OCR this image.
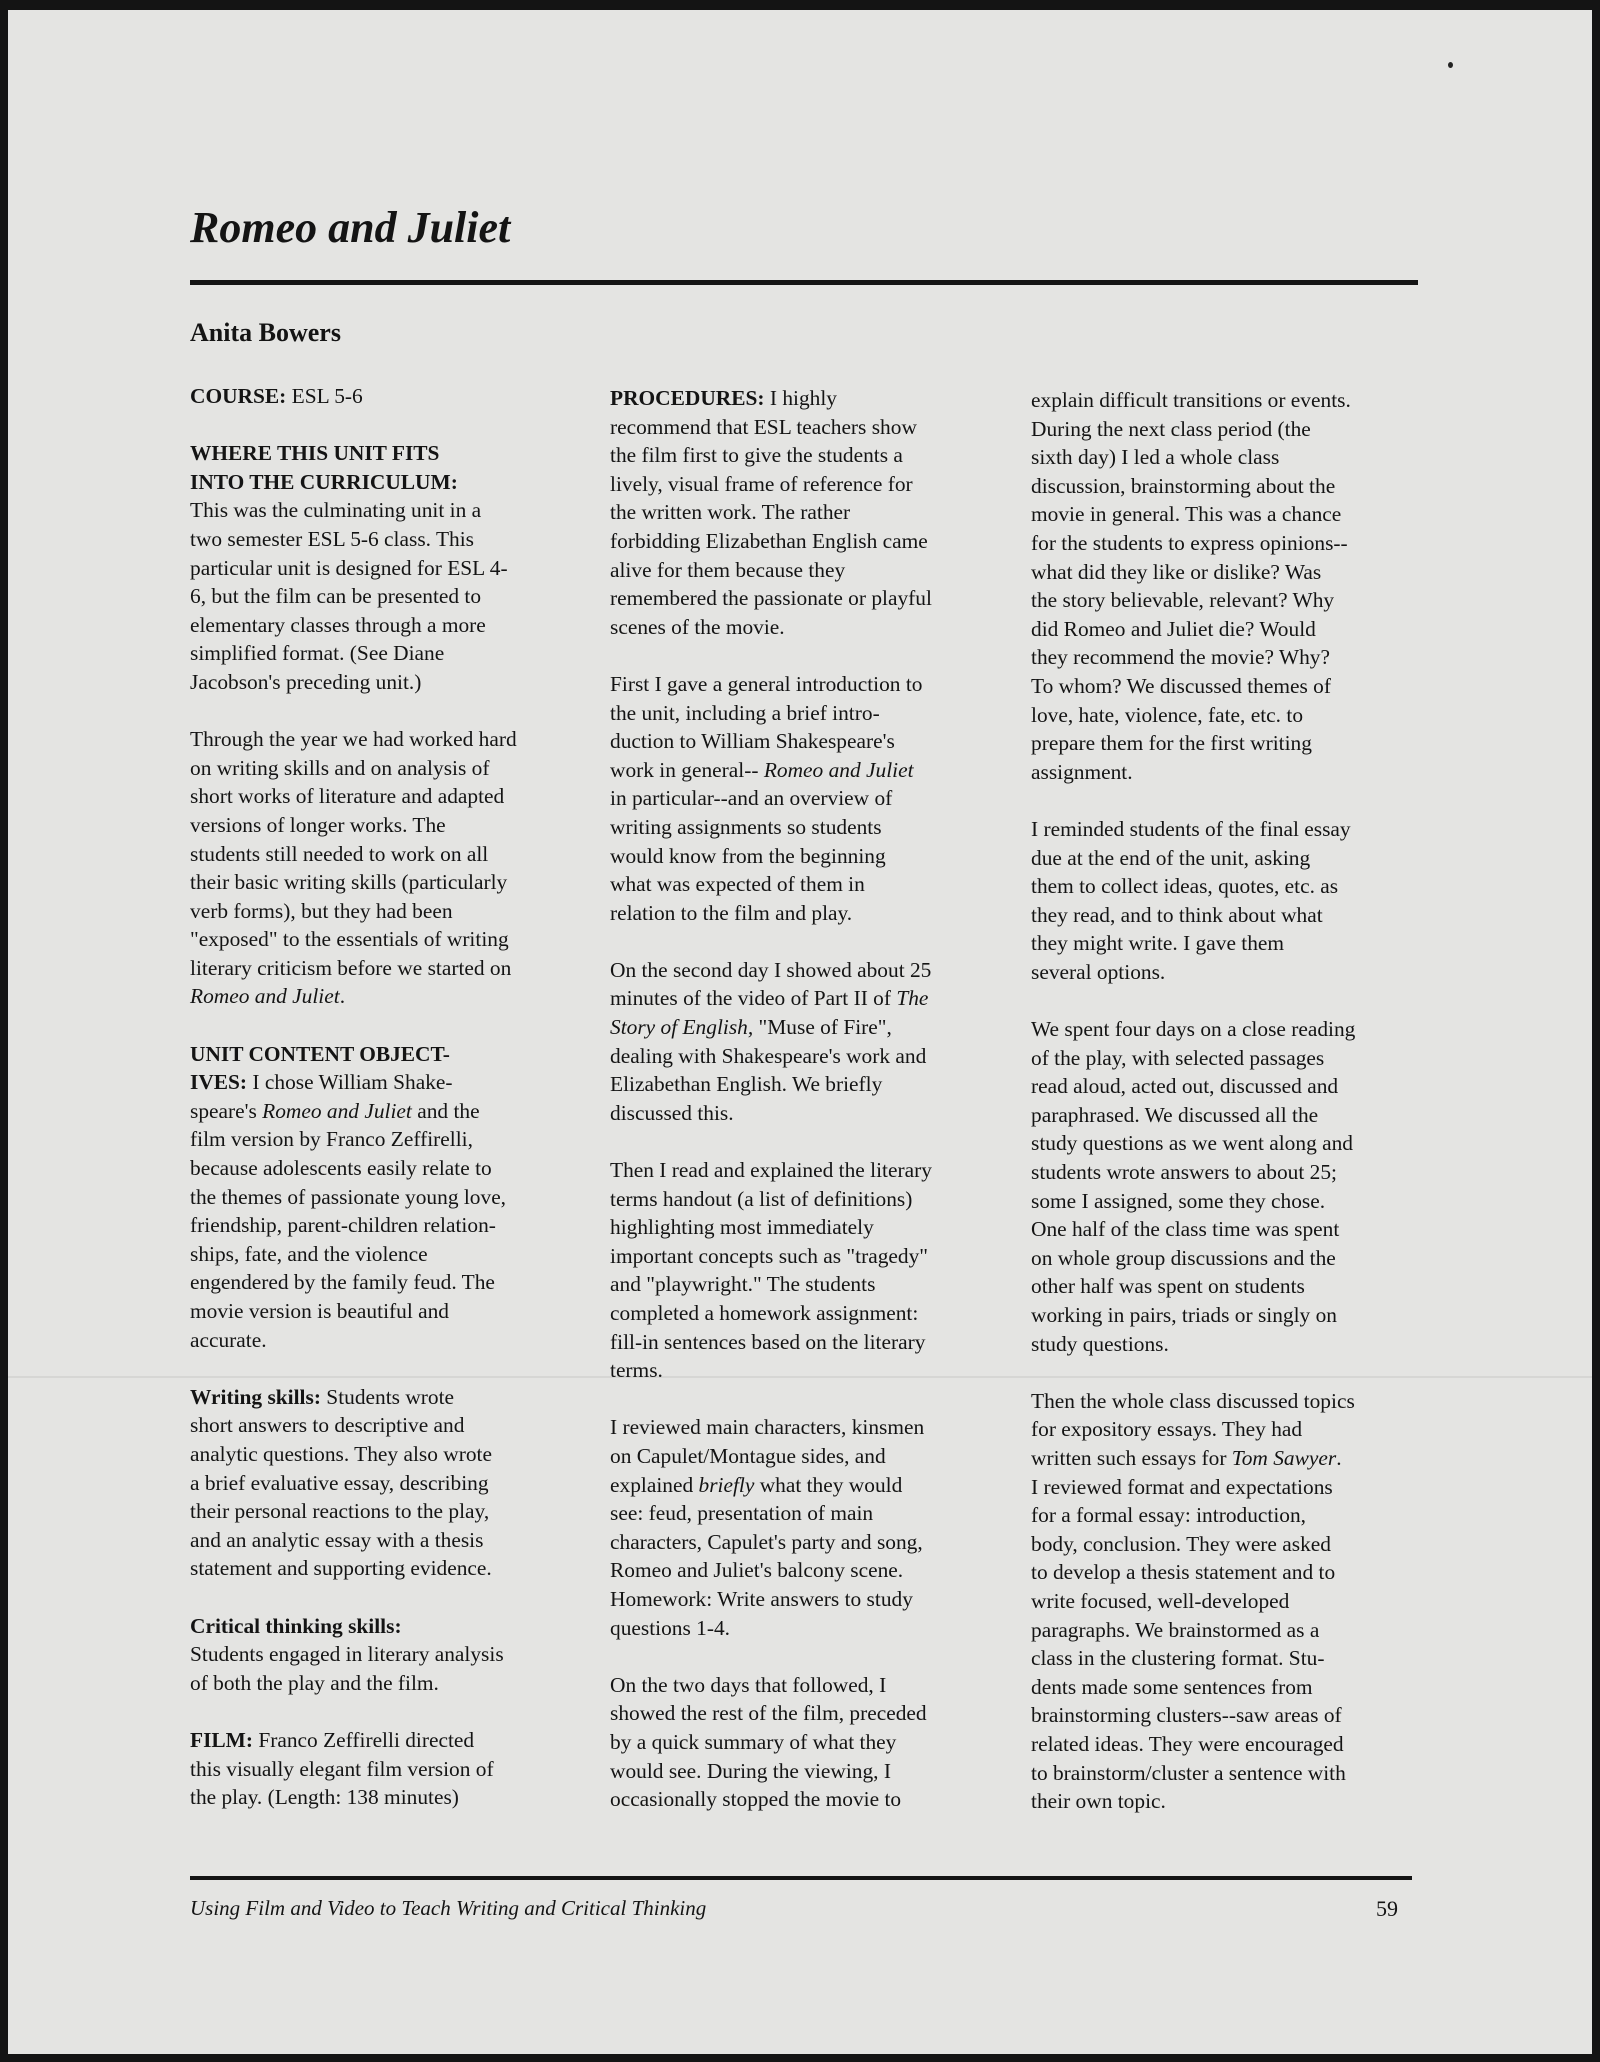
Romeo and Juliet
Anita Bowers

COURSE: ESL 5-6

WHERE THIS UNIT FITS
INTO THE CURRICULUM:
This was the culminating unit in a
two semester ESL 5-6 class. This
particular unit is designed for ESL 4-
6, but the film can be presented to
elementary classes through a more
simplified format. (See Diane
Jacobson's preceding unit.)

Through the year we had worked hard
on writing skills and on analysis of
short works of literature and adapted
versions of longer works. The
students still needed to work on all
their basic writing skills (particularly
verb forms), but they had been
"exposed" to the essentials of writing
literary criticism before we started on
Romeo and Juliet.

UNIT CONTENT OBJECT-
IVES: I chose William Shake-
speare's Romeo and Juliet and the
film version by Franco Zeffirelli,
because adolescents easily relate to
the themes of passionate young love,
friendship, parent-children relation-
ships, fate, and the violence
engendered by the family feud. The
movie version is beautiful and
accurate.

Writing skills: Students wrote
short answers to descriptive and
analytic questions. They also wrote
a brief evaluative essay, describing
their personal reactions to the play,
and an analytic essay with a thesis
statement and supporting evidence.

Critical thinking skills:
Students engaged in literary analysis
of both the play and the film.

FILM: Franco Zeffirelli directed
this visually elegant film version of
the play. (Length: 138 minutes)

PROCEDURES: I highly
recommend that ESL teachers show
the film first to give the students a
lively, visual frame of reference for
the written work. The rather
forbidding Elizabethan English came
alive for them because they
remembered the passionate or playful
scenes of the movie.

First I gave a general introduction to
the unit, including a brief intro-
duction to William Shakespeare's
work in general-- Romeo and Juliet
in particular--and an overview of
writing assignments so students
would know from the beginning
what was expected of them in
relation to the film and play.

On the second day I showed about 25
minutes of the video of Part II of The
Story of English, "Muse of Fire",
dealing with Shakespeare's work and
Elizabethan English. We briefly
discussed this.

Then I read and explained the literary
terms handout (a list of definitions)
highlighting most immediately
important concepts such as "tragedy"
and "playwright." The students
completed a homework assignment:
fill-in sentences based on the literary
terms.

I reviewed main characters, kinsmen
on Capulet/Montague sides, and
explained briefly what they would
see: feud, presentation of main
characters, Capulet's party and song,
Romeo and Juliet's balcony scene.
Homework: Write answers to study
questions 1-4.

On the two days that followed, I
showed the rest of the film, preceded
by a quick summary of what they
would see. During the viewing, I
occasionally stopped the movie to

explain difficult transitions or events.
During the next class period (the
sixth day) I led a whole class
discussion, brainstorming about the
movie in general. This was a chance
for the students to express opinions--
what did they like or dislike? Was
the story believable, relevant? Why
did Romeo and Juliet die? Would
they recommend the movie? Why?
To whom? We discussed themes of
love, hate, violence, fate, etc. to
prepare them for the first writing
assignment.

I reminded students of the final essay
due at the end of the unit, asking
them to collect ideas, quotes, etc. as
they read, and to think about what
they might write. I gave them
several options.

We spent four days on a close reading
of the play, with selected passages
read aloud, acted out, discussed and
paraphrased. We discussed all the
study questions as we went along and
students wrote answers to about 25;
some I assigned, some they chose.
One half of the class time was spent
on whole group discussions and the
other half was spent on students
working in pairs, triads or singly on
study questions.

Then the whole class discussed topics
for expository essays. They had
written such essays for Tom Sawyer.
I reviewed format and expectations
for a formal essay: introduction,
body, conclusion. They were asked
to develop a thesis statement and to
write focused, well-developed
paragraphs. We brainstormed as a
class in the clustering format. Stu-
dents made some sentences from
brainstorming clusters--saw areas of
related ideas. They were encouraged
to brainstorm/cluster a sentence with
their own topic.

Using Film and Video to Teach Writing and Critical Thinking	59
